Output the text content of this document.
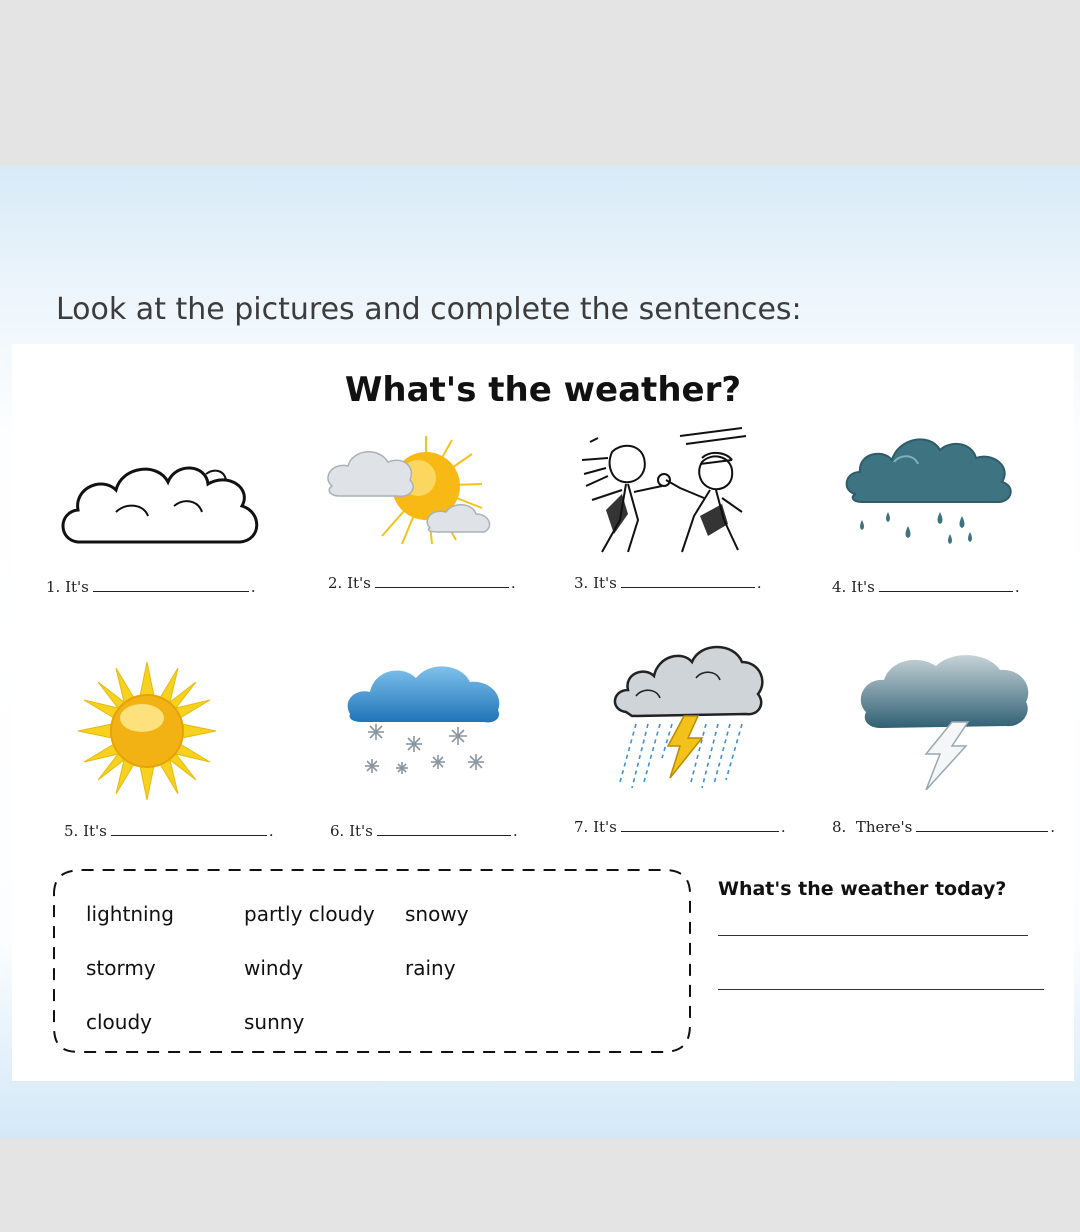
Look at the pictures and complete the sentences:
What's the weather?
1. It's	.	2. It's	.	3. It's	.	4. It's	.
5. It's	.	6. It's	.	7. It's	.	8. There's	.
lightning	partly cloudy snowy
stormy	windy	rainy
cloudy	sunny
What's the weather today?
